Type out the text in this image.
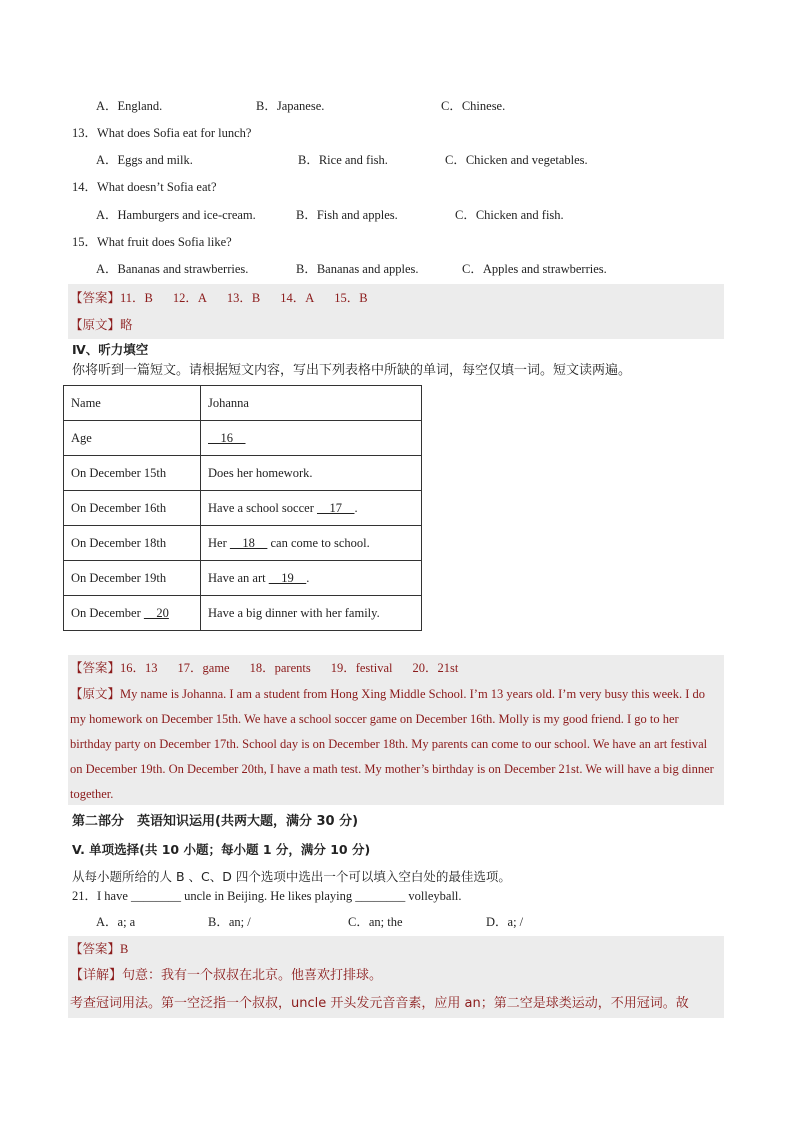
A．England.	B．Japanese.	C．Chinese.
13．What does Sofia eat for lunch?
A．Eggs and milk.	B．Rice and fish.	C．Chicken and vegetables.
14．What doesn’t Sofia eat?
A．Hamburgers and ice-cream.	B．Fish and apples.	C．Chicken and fish.
15．What fruit does Sofia like?
A．Bananas and strawberries.	B．Bananas and apples.	C．Apples and strawberries.
【答案】11．B 12．A 13．B 14．A 15．B
【原文】略
Ⅳ、听力填空
你将听到一篇短文。请根据短文内容，写出下列表格中所缺的单词，每空仅填一词。短文读两遍。
Name	Johanna
Age	16
On December 15th	Does her homework.
On December 16th	Have a school soccer     17    .
On December 18th	Her     18     can come to school.
On December 19th	Have an art     19    .
On December     20	Have a big dinner with her family.
【答案】16．13 17．game 18．parents 19．festival 20．21st
【原文】My name is Johanna. I am a student from Hong Xing Middle School. I’m 13 years old. I’m very busy this week. I do my homework on December 15th. We have a school soccer game on December 16th. Molly is my good friend. I go to her birthday party on December 17th. School day is on December 18th. My parents can come to our school. We have an art festival on December 19th. On December 20th, I have a math test. My mother’s birthday is on December 21st. We will have a big dinner together.
第二部分　英语知识运用(共两大题，满分 30 分)
V. 单项选择(共 10 小题；每小题 1 分，满分 10 分)
从每小题所给的人 B 、C、D 四个选项中选出一个可以填入空白处的最佳选项。
21．I have ________ uncle in Beijing. He likes playing ________ volleyball.
A．a; a	B．an; /	C．an; the	D．a; /
【答案】B
【详解】句意：我有一个叔叔在北京。他喜欢打排球。
考查冠词用法。第一空泛指一个叔叔，uncle 开头发元音音素，应用 an；第二空是球类运动，不用冠词。故
